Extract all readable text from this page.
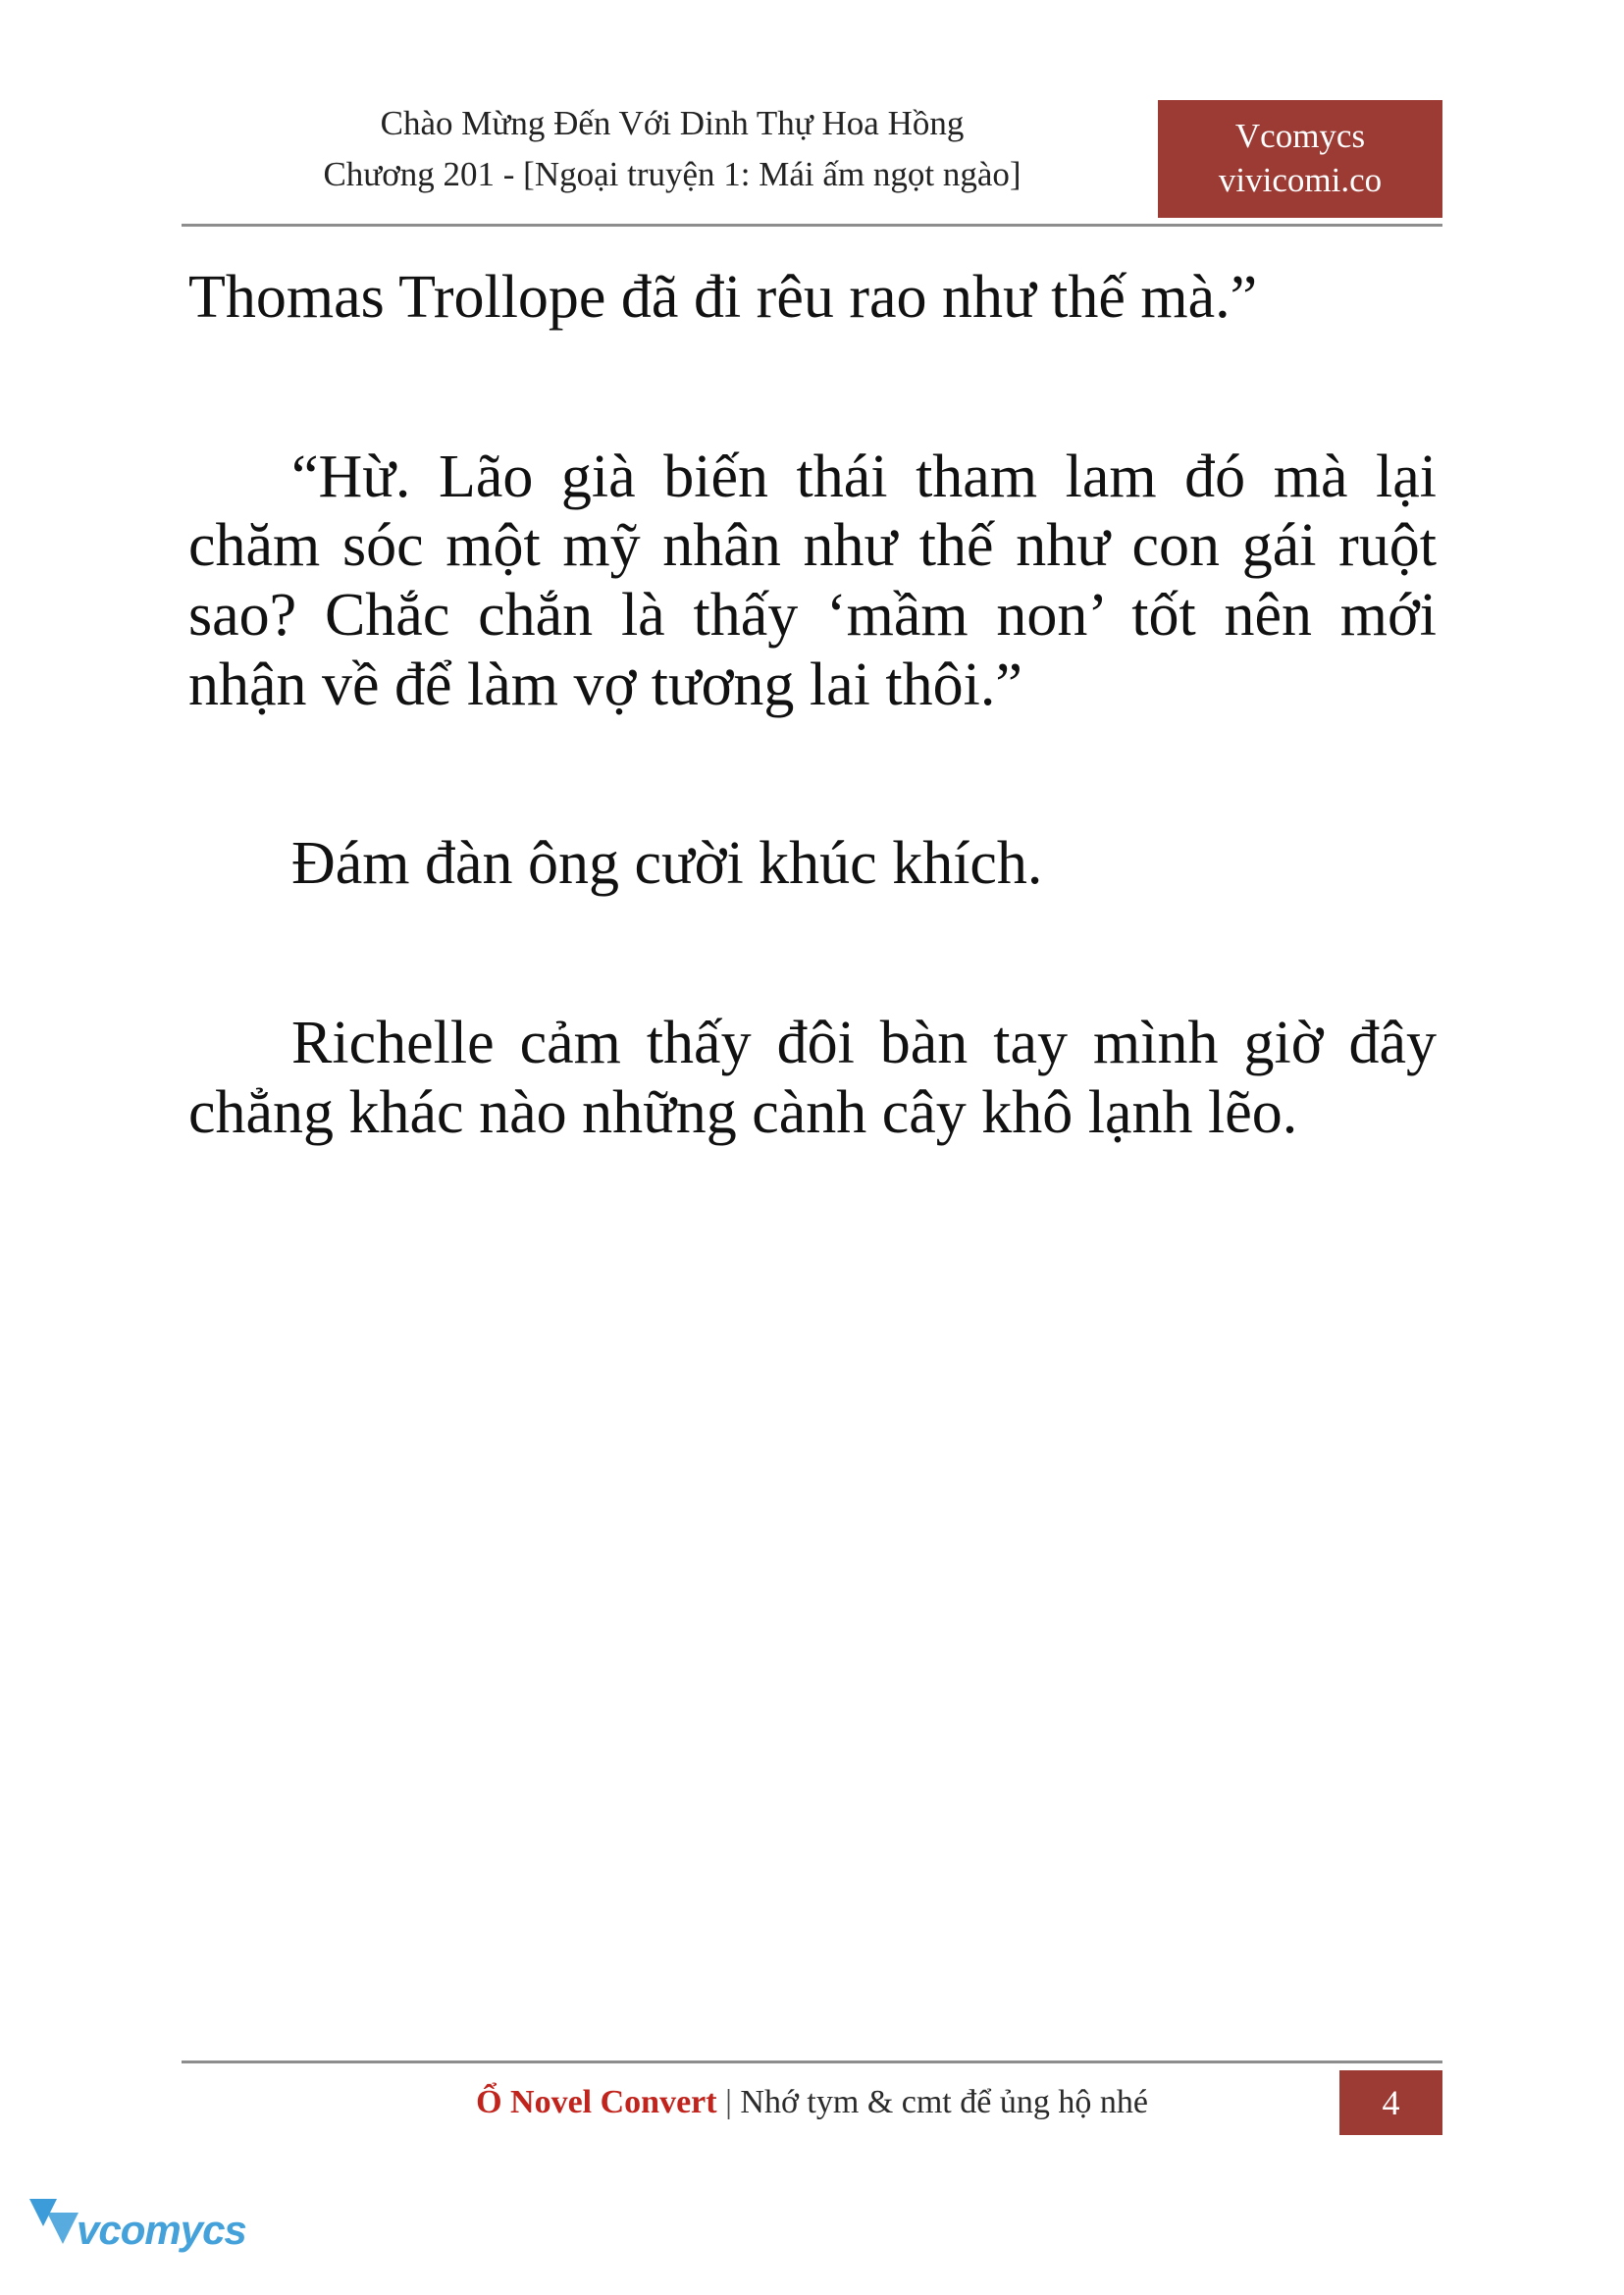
Chào Mừng Đến Với Dinh Thự Hoa Hồng
Chương 201 - [Ngoại truyện 1: Mái ấm ngọt ngào]
Vcomycs
vivicomi.co

Thomas Trollope đã đi rêu rao như thế mà.”

“Hừ. Lão già biến thái tham lam đó mà lại chăm sóc một mỹ nhân như thế như con gái ruột sao? Chắc chắn là thấy ‘mầm non’ tốt nên mới nhận về để làm vợ tương lai thôi.”

Đám đàn ông cười khúc khích.

Richelle cảm thấy đôi bàn tay mình giờ đây chẳng khác nào những cành cây khô lạnh lẽo.

Ổ Novel Convert | Nhớ tym & cmt để ủng hộ nhé	4
vcomycs
